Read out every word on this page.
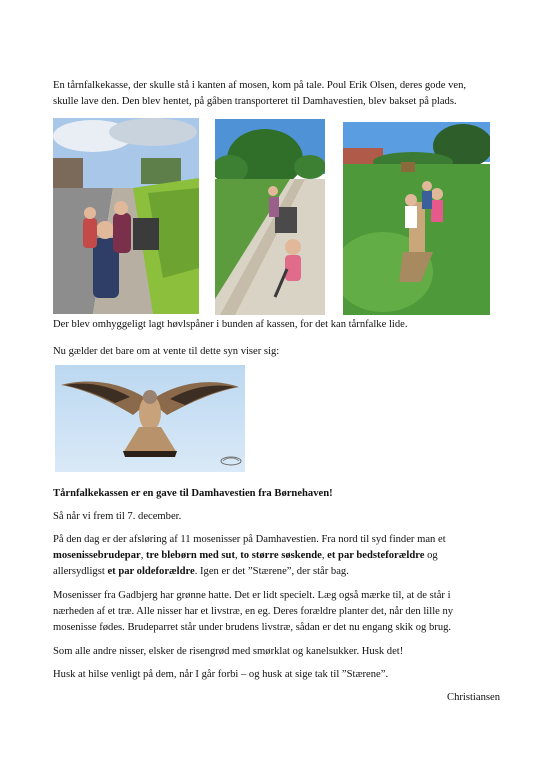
En tårnfalkekasse, der skulle stå i kanten af mosen, kom på tale. Poul Erik Olsen, deres gode ven,

skulle lave den. Den blev hentet, på gåben transporteret til Damhavestien, blev bakset på plads.

Der blev omhyggeligt lagt høvlspåner i bunden af kassen, for det kan tårnfalke lide.

Nu gælder det bare om at vente til dette syn viser sig:

Tårnfalkekassen er en gave til Damhavestien fra Børnehaven!

Så når vi frem til 7. december.

På den dag er der afsløring af 11 mosenisser på Damhavestien. Fra nord til syd finder man et

mosenissebrudepar, tre blebørn med sut, to større søskende, et par bedsteforældre og

allersydligst et par oldeforældre. Igen er det ”Stærene”, der står bag.

Mosenisser fra Gadbjerg har grønne hatte. Det er lidt specielt. Læg også mærke til, at de står i

nærheden af et træ. Alle nisser har et livstræ, en eg. Deres forældre planter det, når den lille ny

mosenisse fødes. Brudeparret står under brudens livstræ, sådan er det nu engang skik og brug.

Som alle andre nisser, elsker de risengrød med smørklat og kanelsukker. Husk det!

Husk at hilse venligt på dem, når I går forbi – og husk at sige tak til ”Stærene”.

Christiansen
